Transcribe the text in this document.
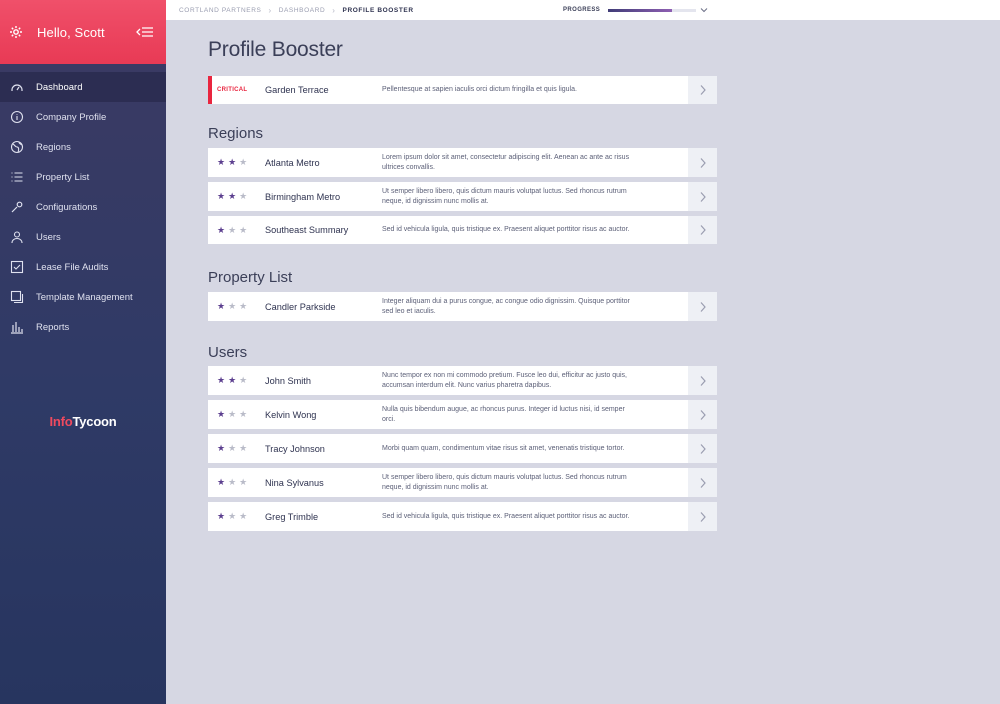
Hello, Scott
Dashboard
Company Profile
Regions
Property List
Configurations
Users
Lease File Audits
Template Management
Reports
InfoTycoon
CORTLAND PARTNERS › DASHBOARD › PROFILE BOOSTER	PROGRESS
Profile Booster
CRITICAL	Garden Terrace	Pellentesque at sapien iaculis orci dictum fringilla et quis ligula.
Regions
★ ★ ★ Atlanta Metro	Lorem ipsum dolor sit amet, consectetur adipiscing elit. Aenean ac ante ac risus ultrices convallis.
★ ★ ★ Birmingham Metro	Ut semper libero libero, quis dictum mauris volutpat luctus. Sed rhoncus rutrum neque, id dignissim nunc mollis at.
★ ★ ★ Southeast Summary	Sed id vehicula ligula, quis tristique ex. Praesent aliquet porttitor risus ac auctor.
Property List
★ ★ ★ Candler Parkside	Integer aliquam dui a purus congue, ac congue odio dignissim. Quisque porttitor sed leo et iaculis.
Users
★ ★ ★ John Smith	Nunc tempor ex non mi commodo pretium. Fusce leo dui, efficitur ac justo quis, accumsan interdum elit. Nunc varius pharetra dapibus.
★ ★ ★ Kelvin Wong	Nulla quis bibendum augue, ac rhoncus purus. Integer id luctus nisi, id semper orci.
★ ★ ★ Tracy Johnson	Morbi quam quam, condimentum vitae risus sit amet, venenatis tristique tortor.
★ ★ ★ Nina Sylvanus	Ut semper libero libero, quis dictum mauris volutpat luctus. Sed rhoncus rutrum neque, id dignissim nunc mollis at.
★ ★ ★ Greg Trimble	Sed id vehicula ligula, quis tristique ex. Praesent aliquet porttitor risus ac auctor.
